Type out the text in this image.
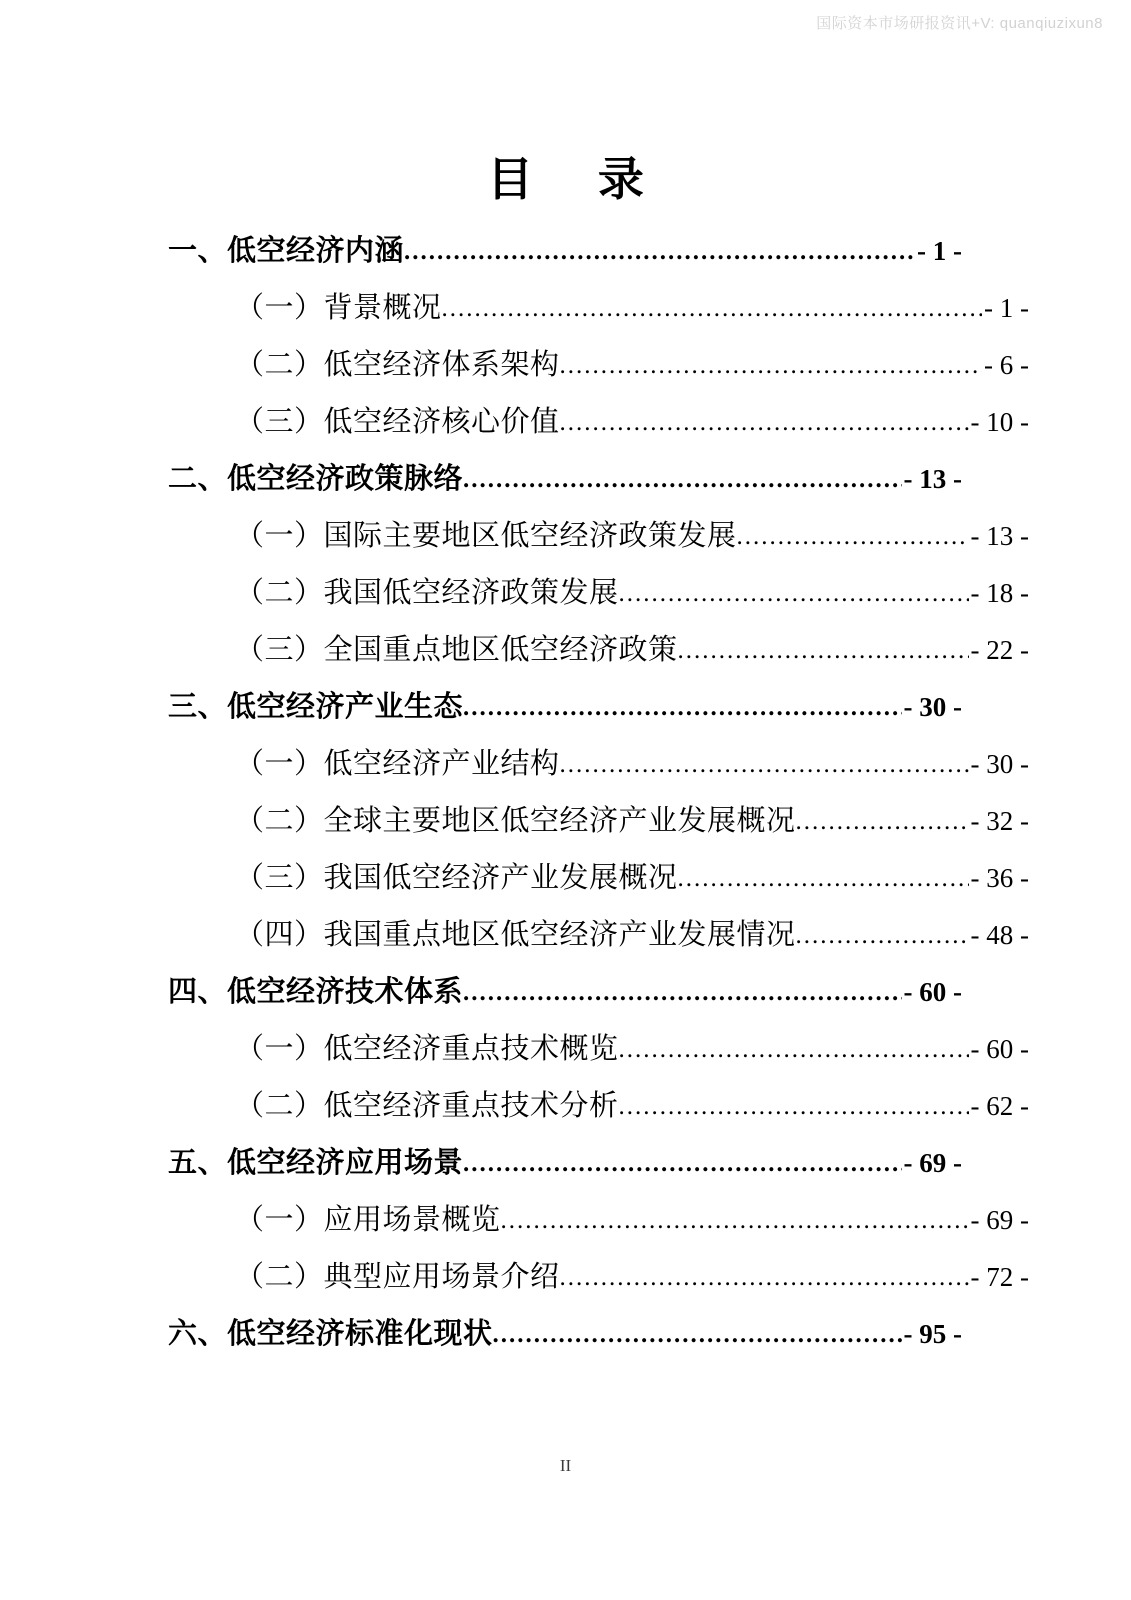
国际资本市场研报资讯+V: quanqiuzixun8
目 录
一、低空经济内涵 .....	- 1 -
（一）背景概况 .....	- 1 -
（二）低空经济体系架构 .....	- 6 -
（三）低空经济核心价值 .....	- 10 -
二、低空经济政策脉络 .....	- 13 -
（一）国际主要地区低空经济政策发展 .....	- 13 -
（二）我国低空经济政策发展 .....	- 18 -
（三）全国重点地区低空经济政策 .....	- 22 -
三、低空经济产业生态 .....	- 30 -
（一）低空经济产业结构 .....	- 30 -
（二）全球主要地区低空经济产业发展概况 .....	- 32 -
（三）我国低空经济产业发展概况 .....	- 36 -
（四）我国重点地区低空经济产业发展情况 .....	- 48 -
四、低空经济技术体系 .....	- 60 -
（一）低空经济重点技术概览 .....	- 60 -
（二）低空经济重点技术分析 .....	- 62 -
五、低空经济应用场景 .....	- 69 -
（一）应用场景概览 .....	- 69 -
（二）典型应用场景介绍 .....	- 72 -
六、低空经济标准化现状 .....	- 95 -
II
